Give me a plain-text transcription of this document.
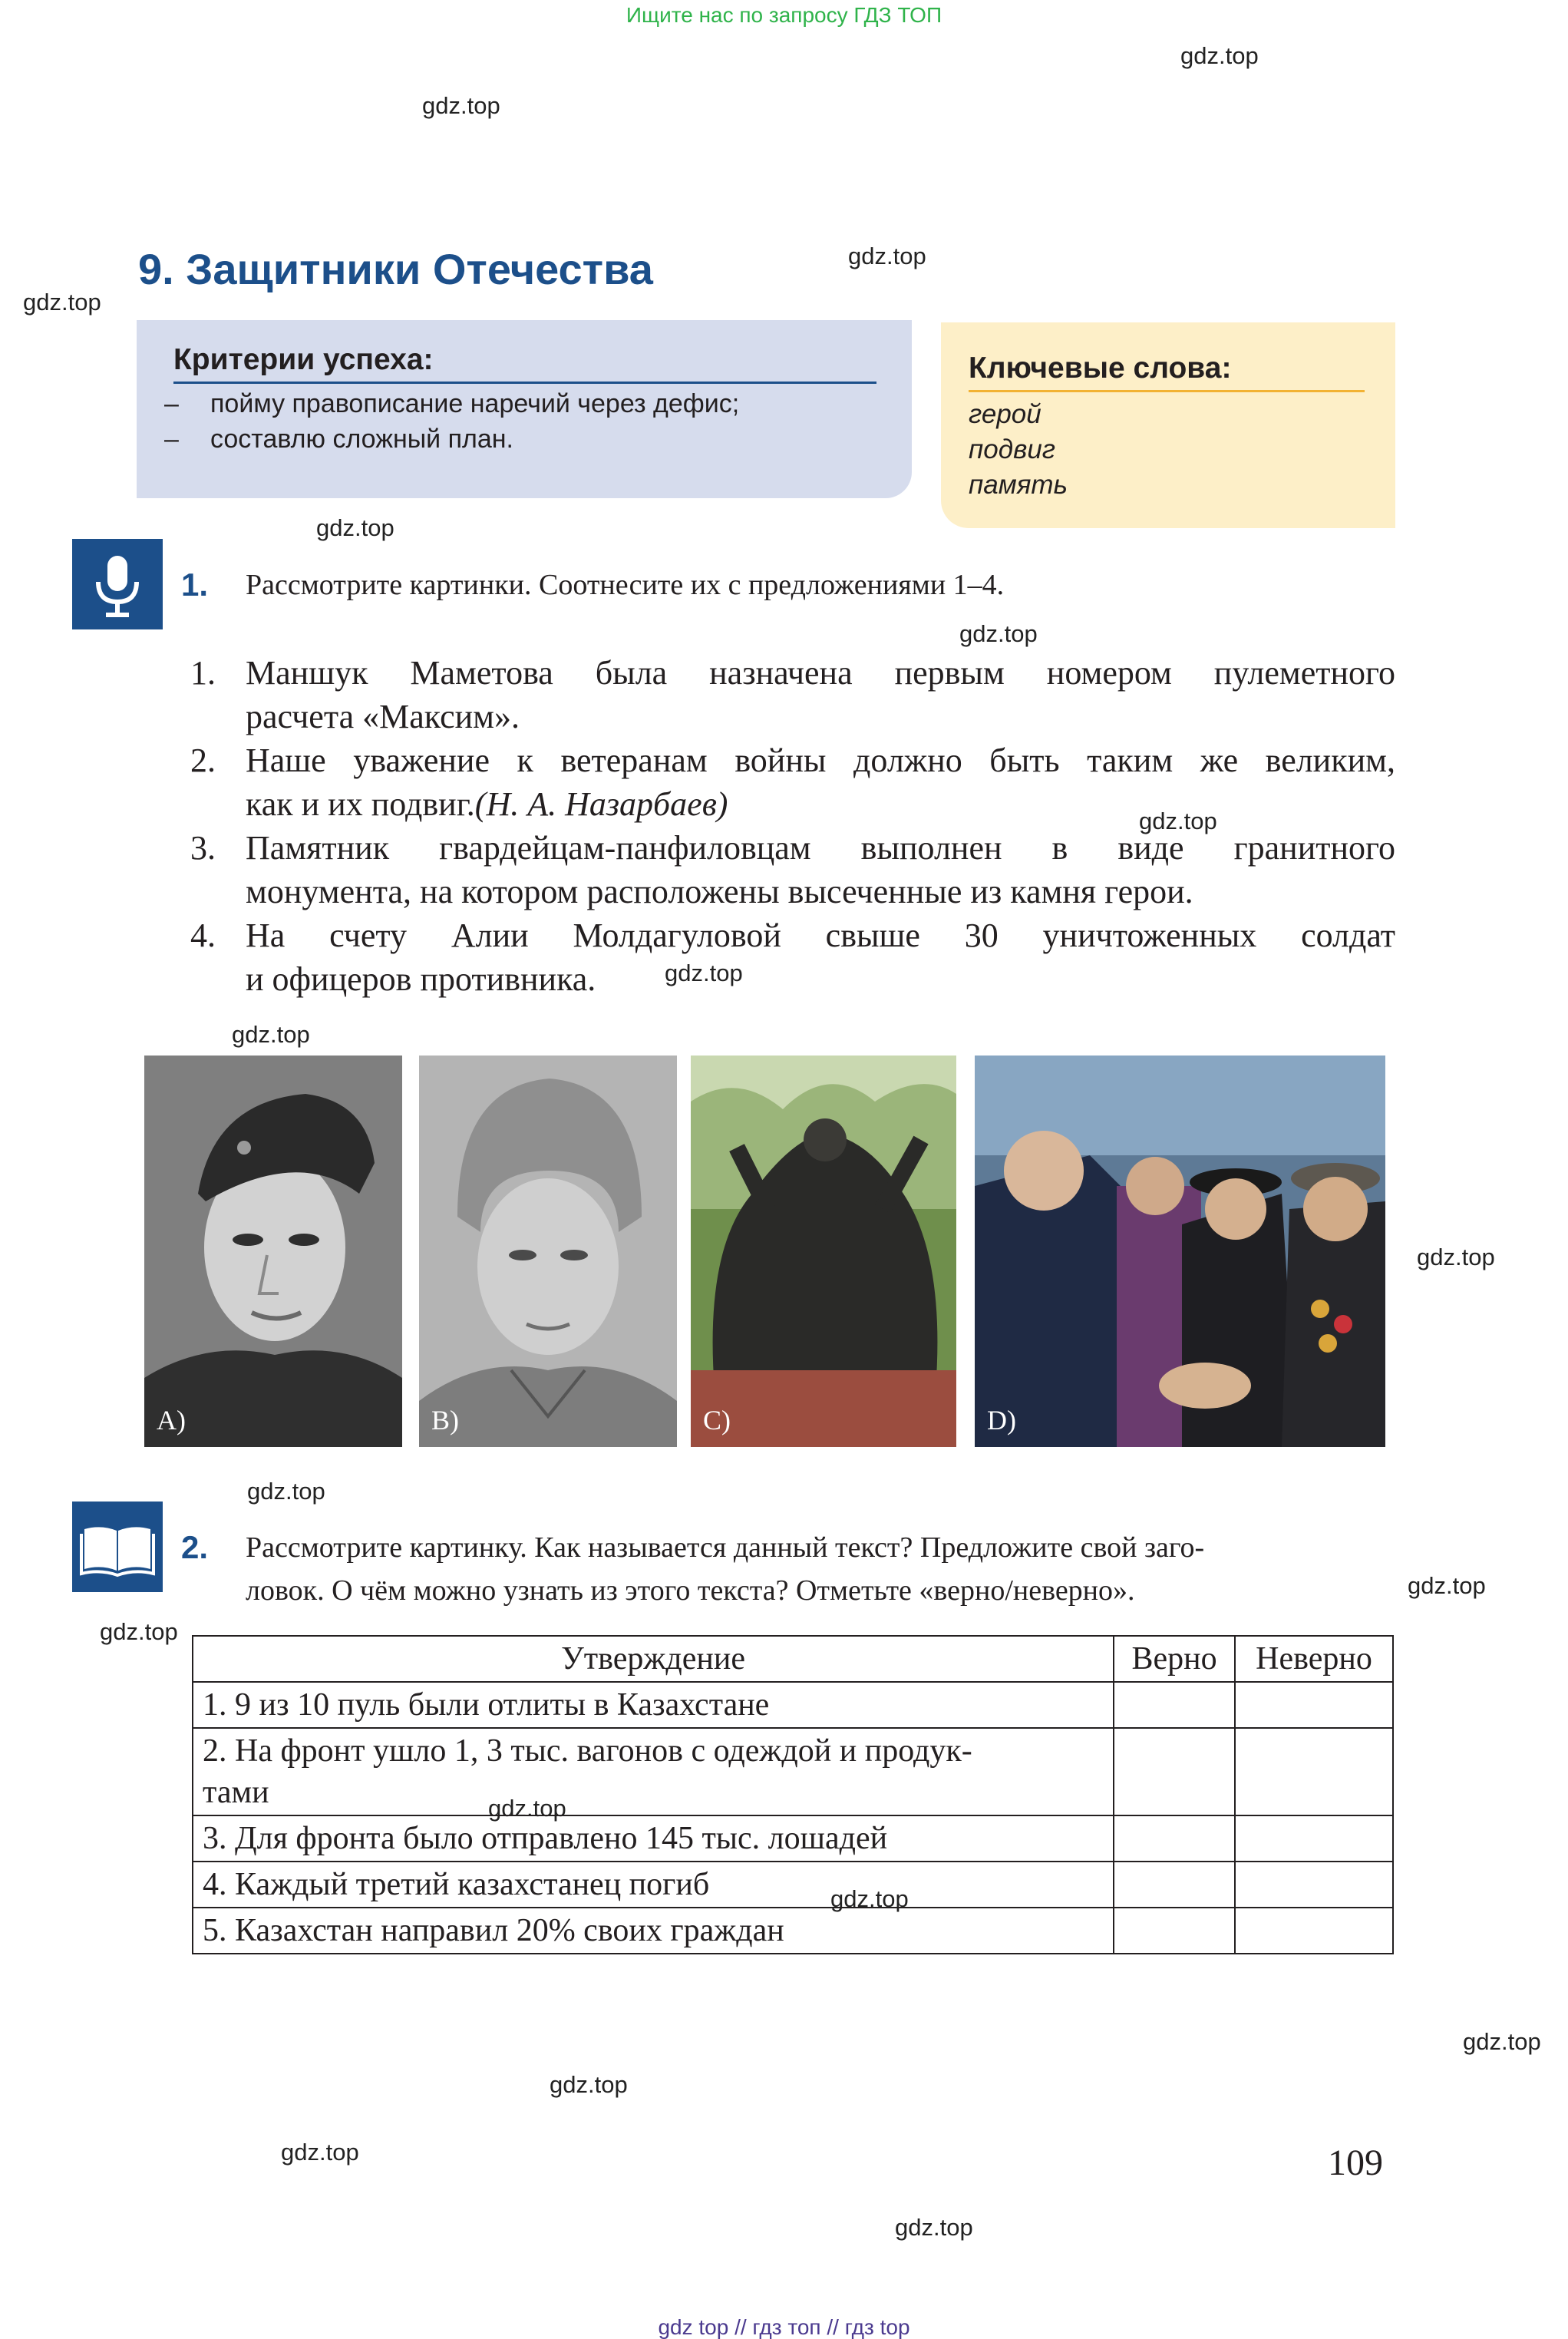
Ищите нас по запросу ГДЗ ТОП
gdz top // гдз топ // гдз top
gdz.top
gdz.top
gdz.top
gdz.top
gdz.top
gdz.top
gdz.top
gdz.top
gdz.top
gdz.top
gdz.top
gdz.top
gdz.top
gdz.top
gdz.top
gdz.top
gdz.top
gdz.top
gdz.top
9. Защитники Отечества
Критерии успеха:
– пойму правописание наречий через дефис;
– составлю сложный план.
Ключевые слова:
герой
подвиг
память
1. Рассмотрите картинки. Соотнесите их с предложениями 1–4.
1. Маншук Маметова была назначена первым номером пулеметного
расчета «Максим».
2. Наше уважение к ветеранам войны должно быть таким же великим,
как и их подвиг.(Н. А. Назарбаев)
3. Памятник гвардейцам-панфиловцам выполнен в виде гранитного
монумента, на котором расположены высеченные из камня герои.
4. На счету Алии Молдагуловой свыше 30 уничтоженных солдат
и офицеров противника.
A)	B)	C)	D)
2. Рассмотрите картинку. Как называется данный текст? Предложите свой заго-
ловок. О чём можно узнать из этого текста? Отметьте «верно/неверно».
Утверждение	Верно	Неверно
1. 9 из 10 пуль были отлиты в Казахстане		
2. На фронт ушло 1, 3 тыс. вагонов с одеждой и продук-
тами		
3. Для фронта было отправлено 145 тыс. лошадей		
4. Каждый третий казахстанец погиб		
5. Казахстан направил 20% своих граждан		
109
